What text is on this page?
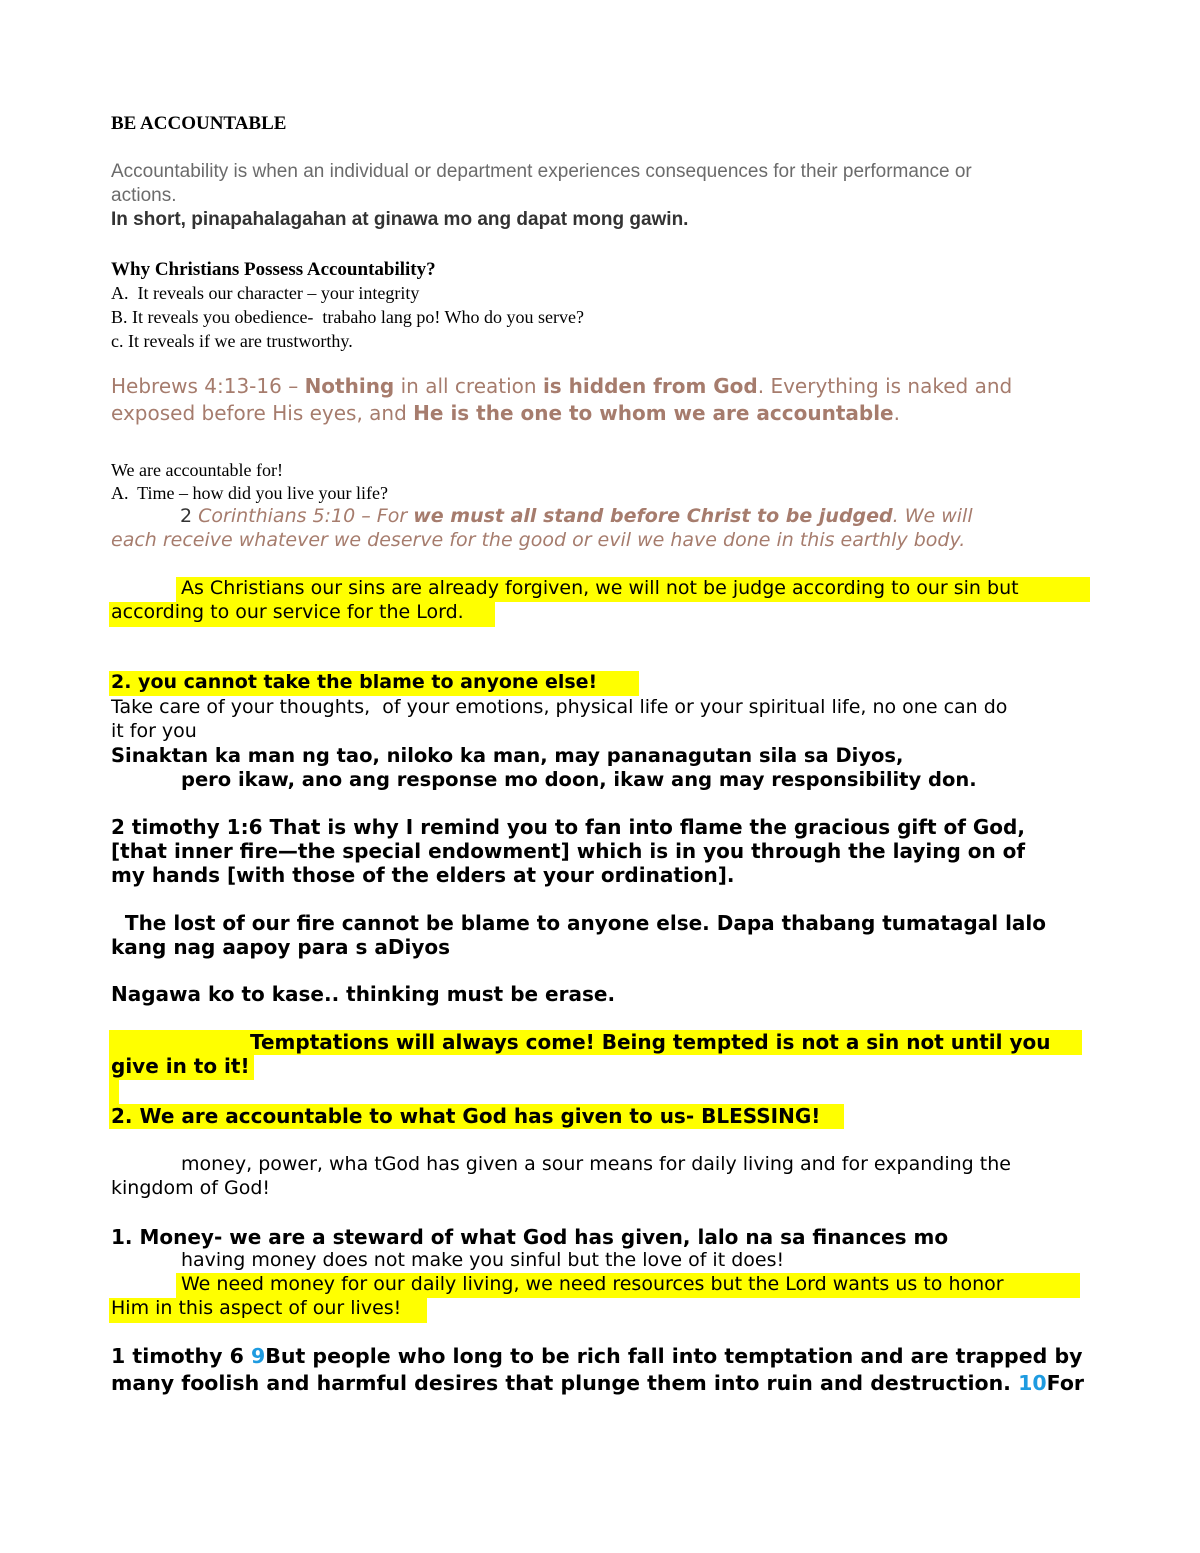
BE ACCOUNTABLE

Accountability is when an individual or department experiences consequences for their performance or

actions.

In short, pinapahalagahan at ginawa mo ang dapat mong gawin.

Why Christians Possess Accountability?

A.  It reveals our character – your integrity

B. It reveals you obedience-  trabaho lang po! Who do you serve?

c. It reveals if we are trustworthy.

Hebrews 4:13-16 – Nothing in all creation is hidden from God. Everything is naked and

exposed before His eyes, and He is the one to whom we are accountable.

We are accountable for!

A.  Time – how did you live your life?

2 Corinthians 5:10 – For we must all stand before Christ to be judged. We will

each receive whatever we deserve for the good or evil we have done in this earthly body.

As Christians our sins are already forgiven, we will not be judge according to our sin but

according to our service for the Lord.

2. you cannot take the blame to anyone else!

Take care of your thoughts,  of your emotions, physical life or your spiritual life, no one can do

it for you

Sinaktan ka man ng tao, niloko ka man, may pananagutan sila sa Diyos,

pero ikaw, ano ang response mo doon, ikaw ang may responsibility don.

2 timothy 1:6 That is why I remind you to fan into flame the gracious gift of God,

[that inner fire—the special endowment] which is in you through the laying on of

my hands [with those of the elders at your ordination].

The lost of our fire cannot be blame to anyone else. Dapa thabang tumatagal lalo

kang nag aapoy para s aDiyos

Nagawa ko to kase.. thinking must be erase.

Temptations will always come! Being tempted is not a sin not until you

give in to it!

2. We are accountable to what God has given to us- BLESSING!

money, power, wha tGod has given a sour means for daily living and for expanding the

kingdom of God!

1. Money- we are a steward of what God has given, lalo na sa finances mo

having money does not make you sinful but the love of it does!

We need money for our daily living, we need resources but the Lord wants us to honor

Him in this aspect of our lives!

1 timothy 6 9But people who long to be rich fall into temptation and are trapped by

many foolish and harmful desires that plunge them into ruin and destruction. 10For
